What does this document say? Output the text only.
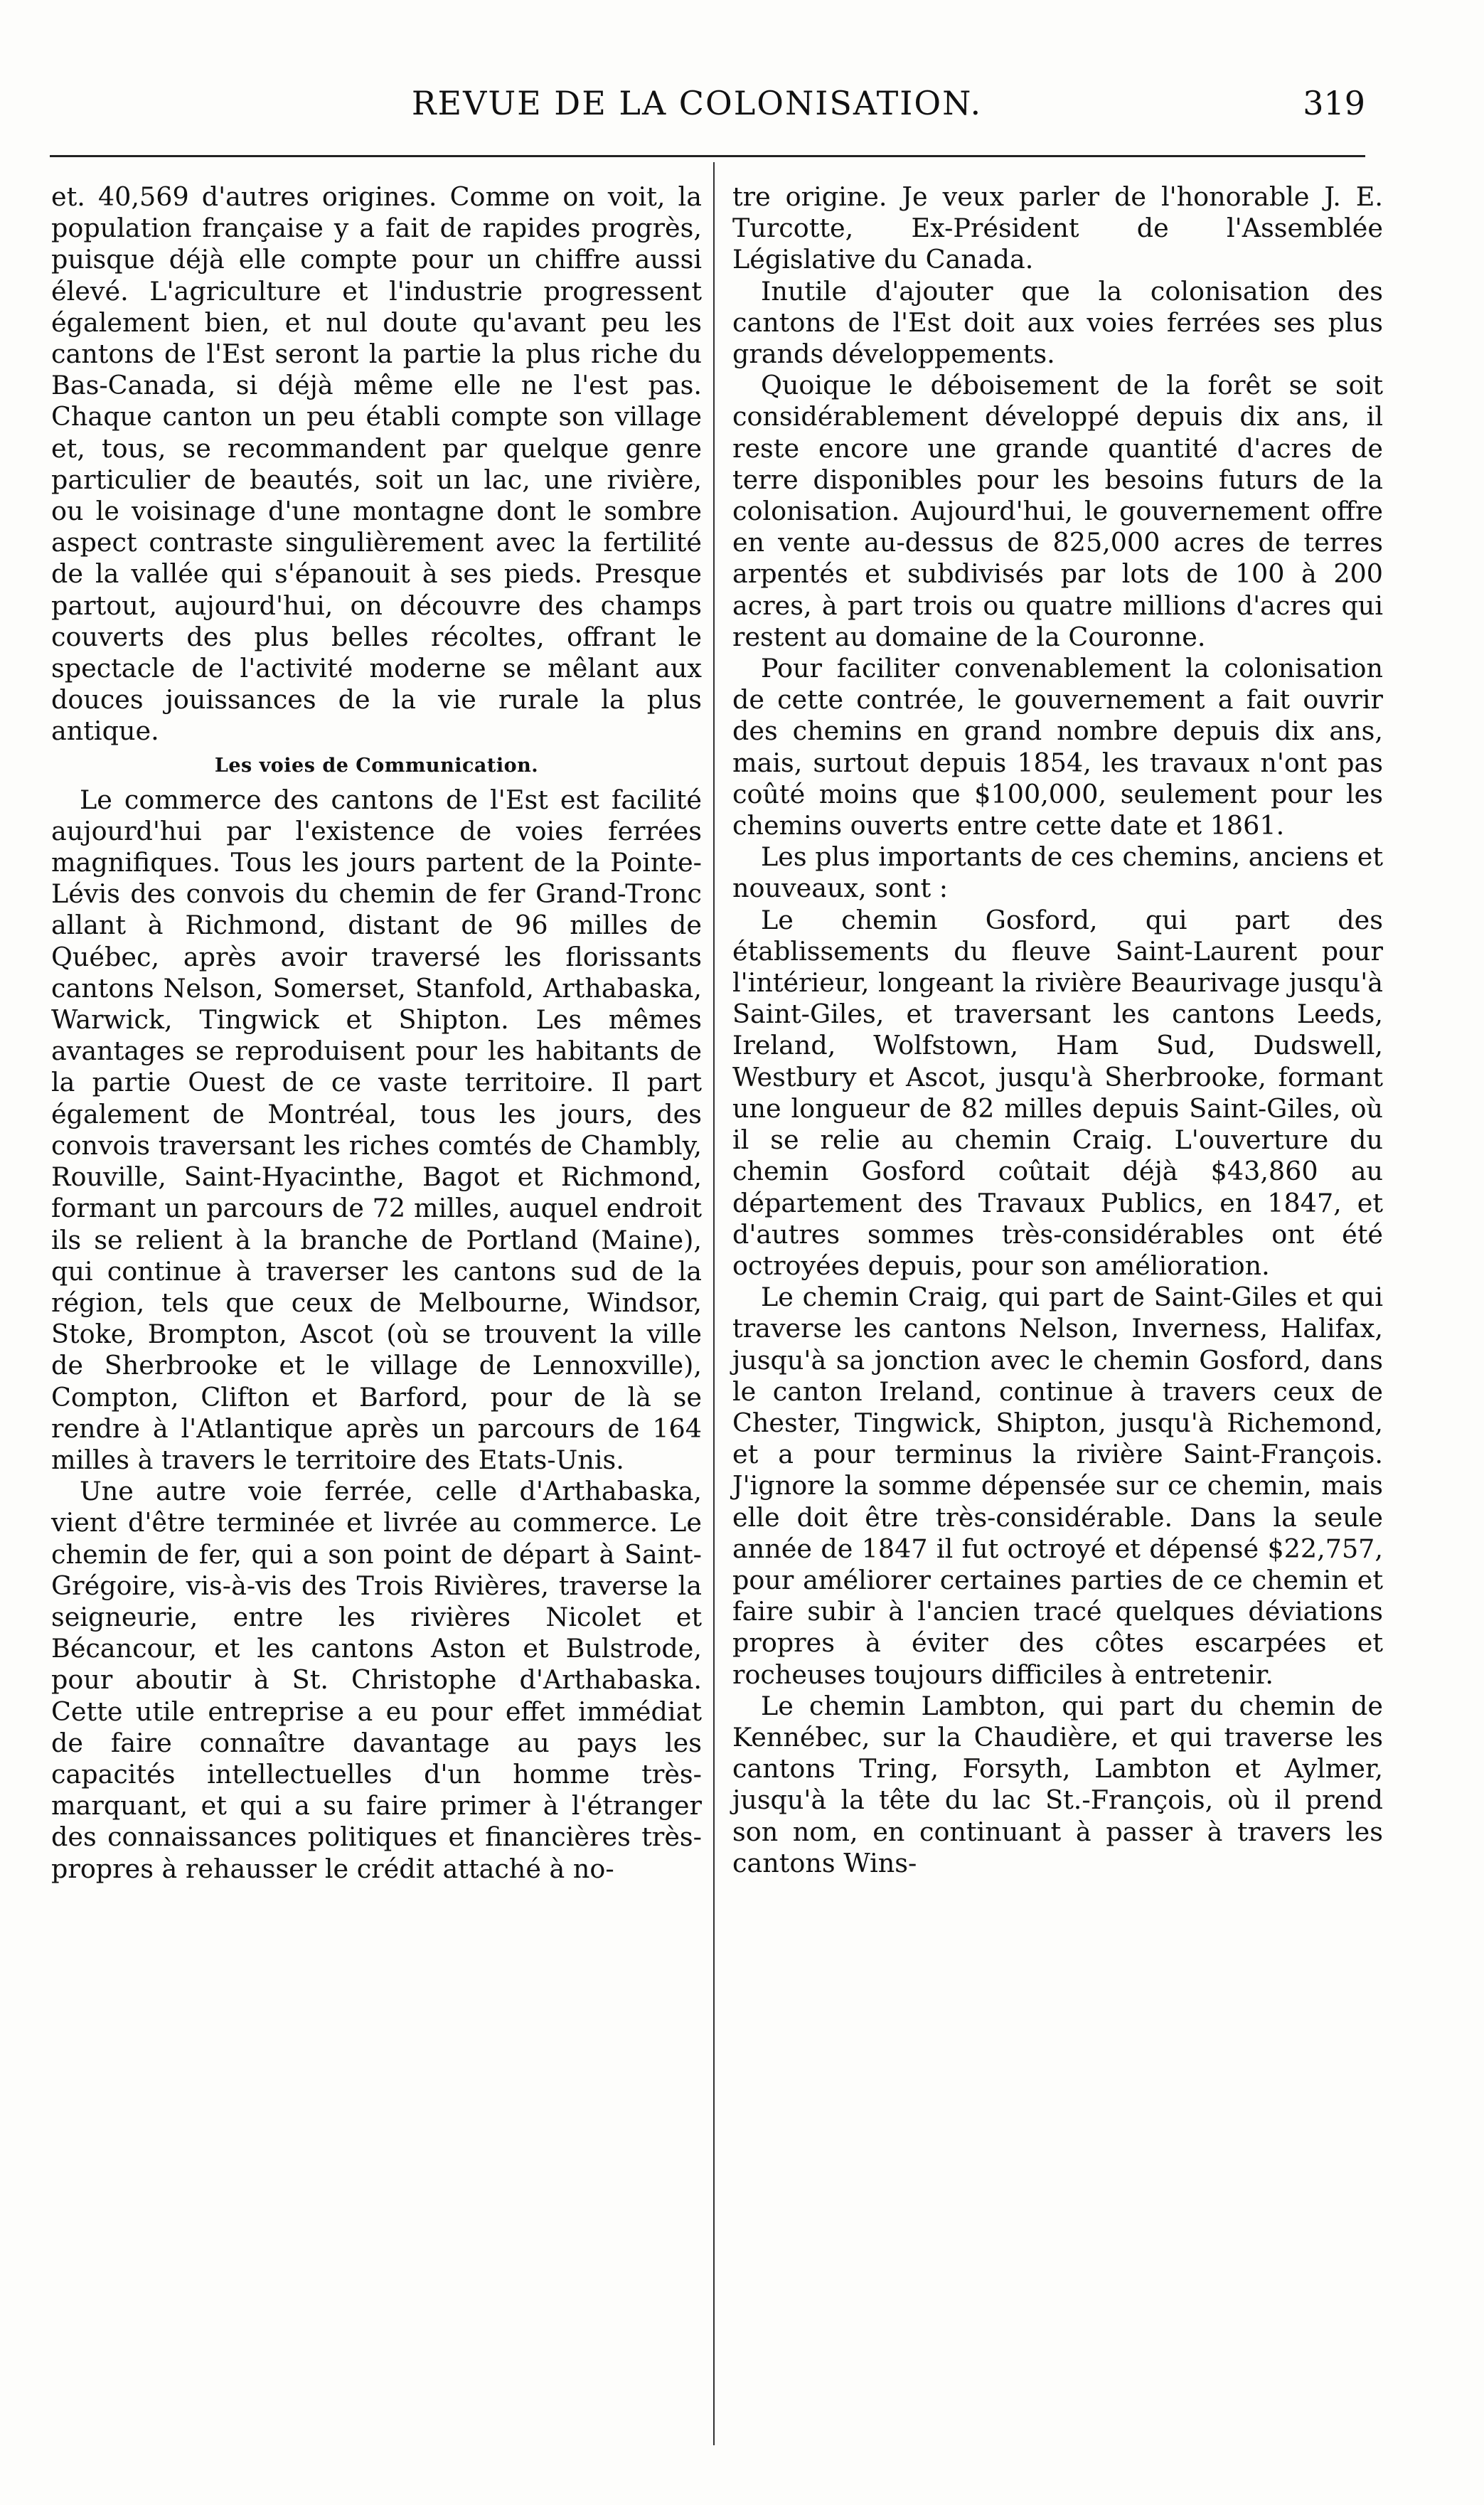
REVUE DE LA COLONISATION.	319

et. 40,569 d'autres origines. Comme on voit, la population française y a fait de rapides progrès, puisque déjà elle compte pour un chiffre aussi élevé. L'agriculture et l'industrie progressent également bien, et nul doute qu'avant peu les cantons de l'Est seront la partie la plus riche du Bas-Canada, si déjà même elle ne l'est pas. Chaque canton un peu établi compte son village et, tous, se recommandent par quelque genre particulier de beautés, soit un lac, une rivière, ou le voisinage d'une montagne dont le sombre aspect contraste singulièrement avec la fertilité de la vallée qui s'épanouit à ses pieds. Presque partout, aujourd'hui, on découvre des champs couverts des plus belles récoltes, offrant le spectacle de l'activité moderne se mêlant aux douces jouissances de la vie rurale la plus antique.

Les voies de Communication.

Le commerce des cantons de l'Est est facilité aujourd'hui par l'existence de voies ferrées magnifiques. Tous les jours partent de la Pointe-Lévis des convois du chemin de fer Grand-Tronc allant à Richmond, distant de 96 milles de Québec, après avoir traversé les florissants cantons Nelson, Somerset, Stanfold, Arthabaska, Warwick, Tingwick et Shipton. Les mêmes avantages se reproduisent pour les habitants de la partie Ouest de ce vaste territoire. Il part également de Montréal, tous les jours, des convois traversant les riches comtés de Chambly, Rouville, Saint-Hyacinthe, Bagot et Richmond, formant un parcours de 72 milles, auquel endroit ils se relient à la branche de Portland (Maine), qui continue à traverser les cantons sud de la région, tels que ceux de Melbourne, Windsor, Stoke, Brompton, Ascot (où se trouvent la ville de Sherbrooke et le village de Lennoxville), Compton, Clifton et Barford, pour de là se rendre à l'Atlantique après un parcours de 164 milles à travers le territoire des Etats-Unis.

Une autre voie ferrée, celle d'Arthabaska, vient d'être terminée et livrée au commerce. Le chemin de fer, qui a son point de départ à Saint-Grégoire, vis-à-vis des Trois Rivières, traverse la seigneurie, entre les rivières Nicolet et Bécancour, et les cantons Aston et Bulstrode, pour aboutir à St. Christophe d'Arthabaska. Cette utile entreprise a eu pour effet immédiat de faire connaître davantage au pays les capacités intellectuelles d'un homme très-marquant, et qui a su faire primer à l'étranger des connaissances politiques et financières très-propres à rehausser le crédit attaché à no-

tre origine. Je veux parler de l'honorable J. E. Turcotte, Ex-Président de l'Assemblée Législative du Canada.

Inutile d'ajouter que la colonisation des cantons de l'Est doit aux voies ferrées ses plus grands développements.

Quoique le déboisement de la forêt se soit considérablement développé depuis dix ans, il reste encore une grande quantité d'acres de terre disponibles pour les besoins futurs de la colonisation. Aujourd'hui, le gouvernement offre en vente au-dessus de 825,000 acres de terres arpentés et subdivisés par lots de 100 à 200 acres, à part trois ou quatre millions d'acres qui restent au domaine de la Couronne.

Pour faciliter convenablement la colonisation de cette contrée, le gouvernement a fait ouvrir des chemins en grand nombre depuis dix ans, mais, surtout depuis 1854, les travaux n'ont pas coûté moins que $100,000, seulement pour les chemins ouverts entre cette date et 1861.

Les plus importants de ces chemins, anciens et nouveaux, sont :

Le chemin Gosford, qui part des établissements du fleuve Saint-Laurent pour l'intérieur, longeant la rivière Beaurivage jusqu'à Saint-Giles, et traversant les cantons Leeds, Ireland, Wolfstown, Ham Sud, Dudswell, Westbury et Ascot, jusqu'à Sherbrooke, formant une longueur de 82 milles depuis Saint-Giles, où il se relie au chemin Craig. L'ouverture du chemin Gosford coûtait déjà $43,860 au département des Travaux Publics, en 1847, et d'autres sommes très-considérables ont été octroyées depuis, pour son amélioration.

Le chemin Craig, qui part de Saint-Giles et qui traverse les cantons Nelson, Inverness, Halifax, jusqu'à sa jonction avec le chemin Gosford, dans le canton Ireland, continue à travers ceux de Chester, Tingwick, Shipton, jusqu'à Richemond, et a pour terminus la rivière Saint-François. J'ignore la somme dépensée sur ce chemin, mais elle doit être très-considérable. Dans la seule année de 1847 il fut octroyé et dépensé $22,757, pour améliorer certaines parties de ce chemin et faire subir à l'ancien tracé quelques déviations propres à éviter des côtes escarpées et rocheuses toujours difficiles à entretenir.

Le chemin Lambton, qui part du chemin de Kennébec, sur la Chaudière, et qui traverse les cantons Tring, Forsyth, Lambton et Aylmer, jusqu'à la tête du lac St.-François, où il prend son nom, en continuant à passer à travers les cantons Wins-
